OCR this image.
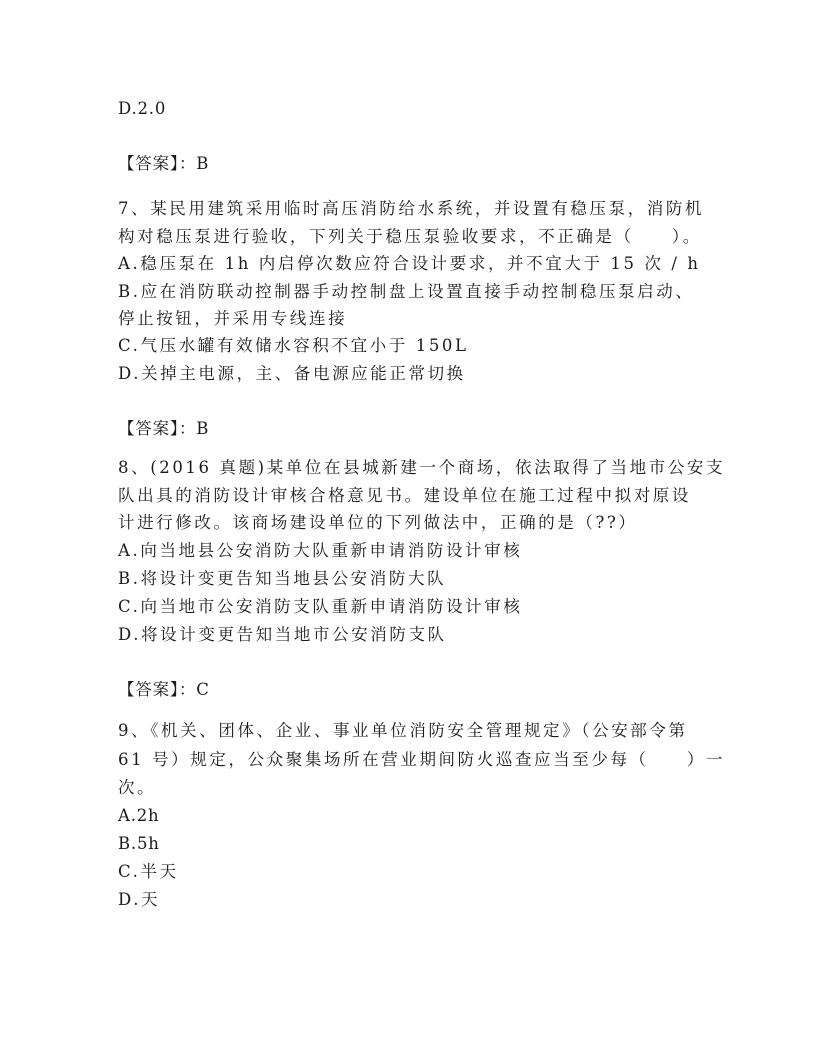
D.2.0
【答案】：B
7、某民用建筑采用临时高压消防给水系统，并设置有稳压泵，消防机
构对稳压泵进行验收，下列关于稳压泵验收要求，不正确是（　　）。
A.稳压泵在 1h 内启停次数应符合设计要求，并不宜大于 15 次 / h
B.应在消防联动控制器手动控制盘上设置直接手动控制稳压泵启动、
停止按钮，并采用专线连接
C.气压水罐有效储水容积不宜小于 150L
D.关掉主电源，主、备电源应能正常切换
【答案】：B
8、(2016 真题)某单位在县城新建一个商场，依法取得了当地市公安支
队出具的消防设计审核合格意见书。建设单位在施工过程中拟对原设
计进行修改。该商场建设单位的下列做法中，正确的是（??）
A.向当地县公安消防大队重新申请消防设计审核
B.将设计变更告知当地县公安消防大队
C.向当地市公安消防支队重新申请消防设计审核
D.将设计变更告知当地市公安消防支队
【答案】：C
9、《机关、团体、企业、事业单位消防安全管理规定》（公安部令第
61 号）规定，公众聚集场所在营业期间防火巡查应当至少每（　　）一
次。
A.2h
B.5h
C.半天
D.天
